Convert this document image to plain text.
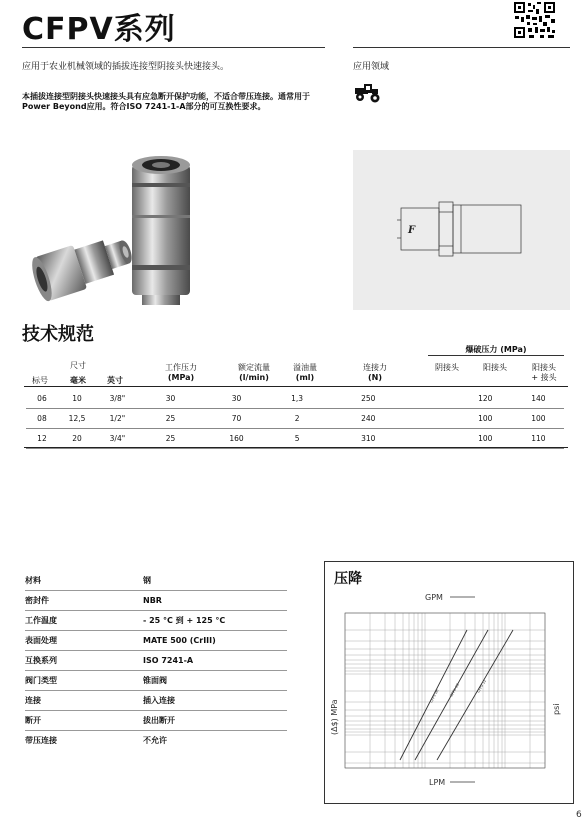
CFPV系列
应用于农业机械领域的插拔连接型阴接头快速接头。	应用领域
本插拔连接型阴接头快速接头具有应急断开保护功能，不适合带压连接。通常用于Power Beyond应用。符合ISO 7241-1-A部分的可互换性要求。
F
技术规范
爆破压力 (MPa)
尺寸
标号	毫米	英寸
工作压力
(MPa)
额定流量
(l/min)
溢油量
(ml)
连接力
(N)
阴接头	阳接头	阳接头
+ 接头
06	10	3/8"	30	30	1,3	250		120	140
08	12,5	1/2"	25	70	2	240		100	100
12	20	3/4"	25	160	5	310		100	110
材料	钢
密封件	NBR
工作温度	- 25 °C 到 + 125 °C
表面处理	MATE 500 (CrIII)
互换系列	ISO 7241-A
阀门类型	锥面阀
连接	插入连接
断开	拔出断开
带压连接	不允许
压降
CFPV 06	CFPV 08	CFPV 12
GPM
LPM
(Δ$) MPa	psi
6
